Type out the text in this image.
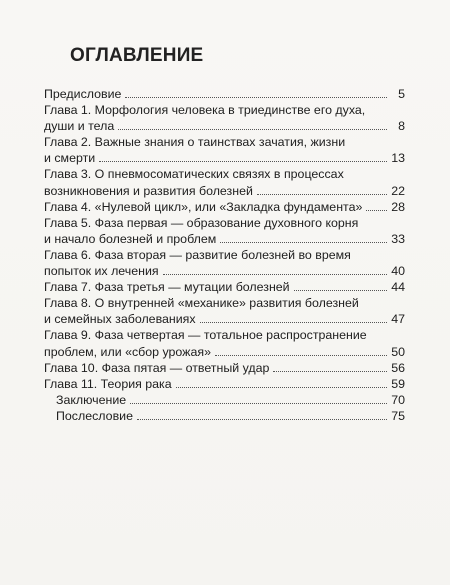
ОГЛАВЛЕНИЕ
Предисловие	5
Глава 1. Морфология человека в триединстве его духа,
души и тела	8
Глава 2. Важные знания о таинствах зачатия, жизни
и смерти	13
Глава 3. О пневмосоматических связях в процессах
возникновения и развития болезней	22
Глава 4. «Нулевой цикл», или «Закладка фундамента» 28
Глава 5. Фаза первая — образование духовного корня
и начало болезней и проблем	33
Глава 6. Фаза вторая — развитие болезней во время
попыток их лечения	40
Глава 7. Фаза третья — мутации болезней	44
Глава 8. О внутренней «механике» развития болезней
и семейных заболеваниях	47
Глава 9. Фаза четвертая — тотальное распространение
проблем, или «сбор урожая»	50
Глава 10. Фаза пятая — ответный удар	56
Глава 11. Теория рака	59
Заключение	70
Послесловие	75
